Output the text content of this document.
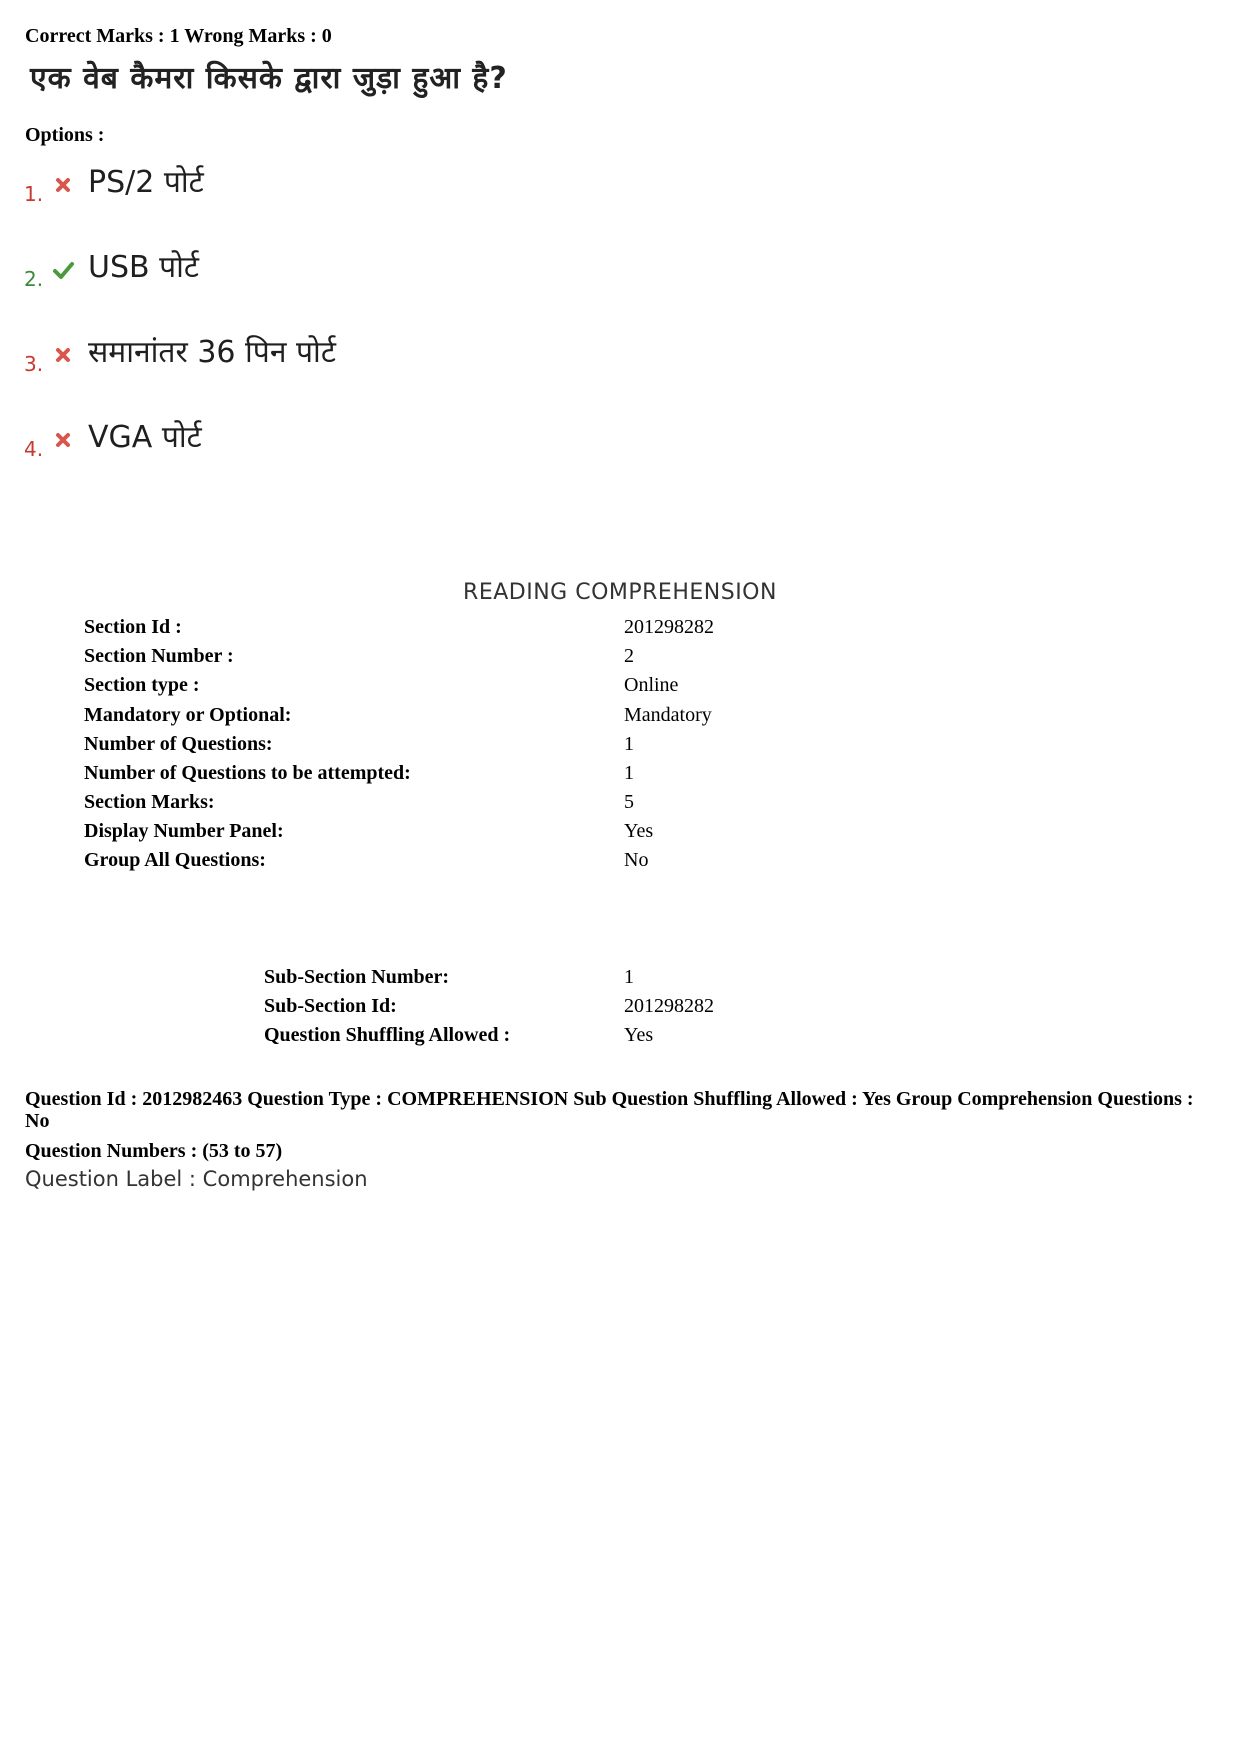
Correct Marks : 1 Wrong Marks : 0
एक वेब कैमरा किसके द्वारा जुड़ा हुआ है?
Options :
1. PS/2 पोर्ट
2. USB पोर्ट
3. समानांतर 36 पिन पोर्ट
4. VGA पोर्ट
READING COMPREHENSION
Section Id :	201298282
Section Number :	2
Section type :	Online
Mandatory or Optional:	Mandatory
Number of Questions:	1
Number of Questions to be attempted:	1
Section Marks:	5
Display Number Panel:	Yes
Group All Questions:	No
Sub-Section Number:	1
Sub-Section Id:	201298282
Question Shuffling Allowed :	Yes
Question Id : 2012982463 Question Type : COMPREHENSION Sub Question Shuffling Allowed : Yes Group Comprehension Questions : No
Question Numbers : (53 to 57)
Question Label : Comprehension
